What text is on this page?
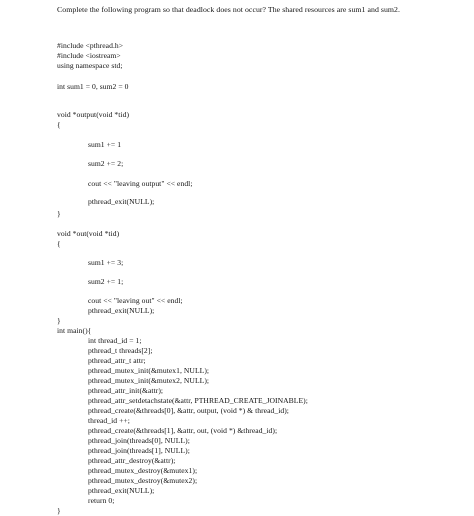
Complete the following program so that deadlock does not occur? The shared resources are sum1 and sum2.
#include <pthread.h>
#include <iostream>
using namespace std;
int sum1 = 0, sum2 = 0
void *output(void *tid)
{
sum1 += 1
sum2 += 2;
cout << "leaving output" << endl;
pthread_exit(NULL);
}
void *out(void *tid)
{
sum1 += 3;
sum2 += 1;
cout << "leaving out" << endl;
pthread_exit(NULL);
}
int main(){
int thread_id = 1;
pthread_t threads[2];
pthread_attr_t attr;
pthread_mutex_init(&mutex1, NULL);
pthread_mutex_init(&mutex2, NULL);
pthread_attr_init(&attr);
pthread_attr_setdetachstate(&attr, PTHREAD_CREATE_JOINABLE);
pthread_create(&threads[0], &attr, output, (void *) & thread_id);
thread_id ++;
pthread_create(&threads[1], &attr, out, (void *) &thread_id);
pthread_join(threads[0], NULL);
pthread_join(threads[1], NULL);
pthread_attr_destroy(&attr);
pthread_mutex_destroy(&mutex1);
pthread_mutex_destroy(&mutex2);
pthread_exit(NULL);
return 0;
}
